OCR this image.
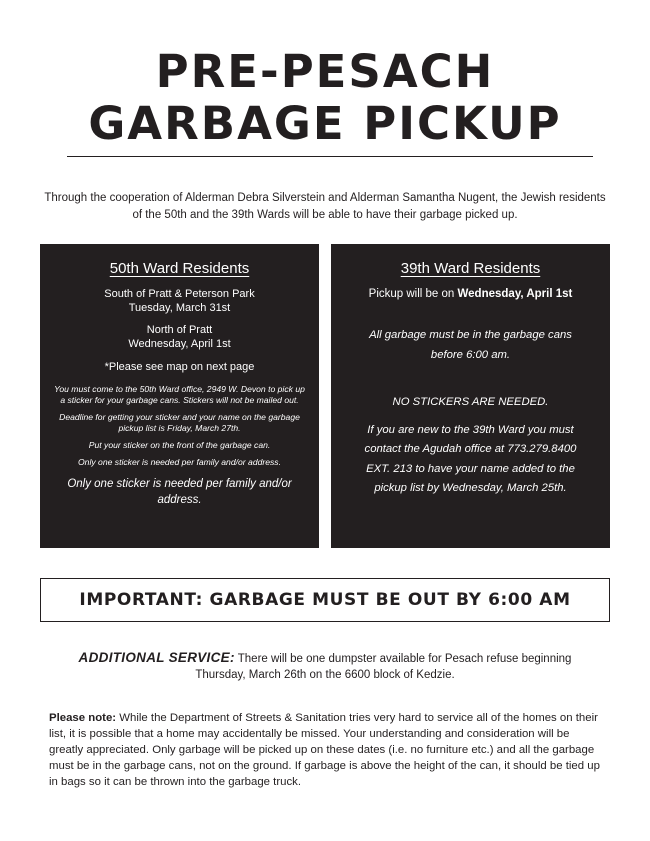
PRE-PESACH
GARBAGE PICKUP

Through the cooperation of Alderman Debra Silverstein and Alderman Samantha Nugent, the Jewish residents of the 50th and the 39th Wards will be able to have their garbage picked up.

50th Ward Residents
South of Pratt & Peterson Park
Tuesday, March 31st
North of Pratt
Wednesday, April 1st
*Please see map on next page
You must come to the 50th Ward office, 2949 W. Devon to pick up a sticker for your garbage cans. Stickers will not be mailed out.
Deadline for getting your sticker and your name on the garbage pickup list is Friday, March 27th.
Put your sticker on the front of the garbage can.
Only one sticker is needed per family and/or address.
Only one sticker is needed per family and/or address.
39th Ward Residents
Pickup will be on Wednesday, April 1st
All garbage must be in the garbage cans before 6:00 am.
NO STICKERS ARE NEEDED.
If you are new to the 39th Ward you must contact the Agudah office at 773.279.8400 EXT. 213 to have your name added to the pickup list by Wednesday, March 25th.
IMPORTANT: GARBAGE MUST BE OUT BY 6:00 AM

ADDITIONAL SERVICE: There will be one dumpster available for Pesach refuse beginning Thursday, March 26th on the 6600 block of Kedzie.

Please note: While the Department of Streets & Sanitation tries very hard to service all of the homes on their list, it is possible that a home may accidentally be missed. Your understanding and consideration will be greatly appreciated. Only garbage will be picked up on these dates (i.e. no furniture etc.) and all the garbage must be in the garbage cans, not on the ground. If garbage is above the height of the can, it should be tied up in bags so it can be thrown into the garbage truck.
